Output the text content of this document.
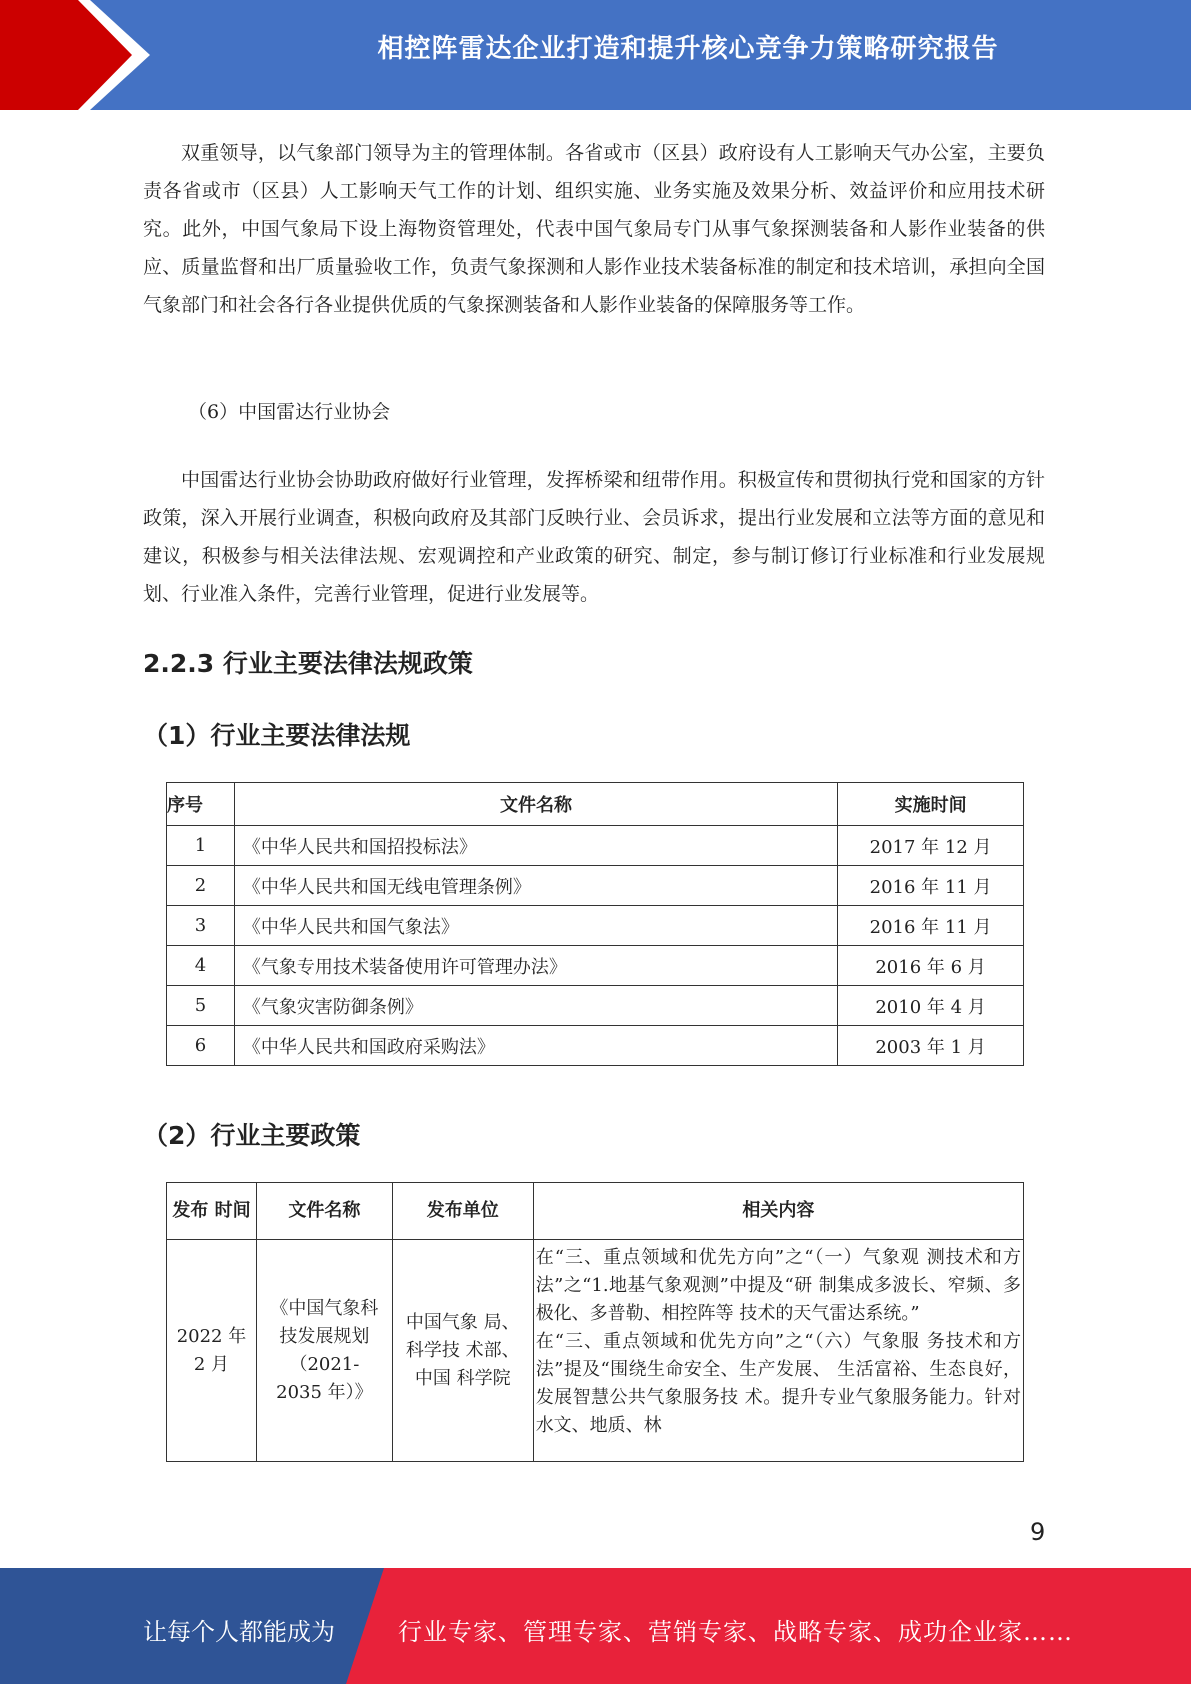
相控阵雷达企业打造和提升核心竞争力策略研究报告

双重领导，以气象部门领导为主的管理体制。各省或市（区县）政府设有人工影响天气办公室，主要负责各省或市（区县）人工影响天气工作的计划、组织实施、业务实施及效果分析、效益评价和应用技术研究。此外，中国气象局下设上海物资管理处，代表中国气象局专门从事气象探测装备和人影作业装备的供应、质量监督和出厂质量验收工作，负责气象探测和人影作业技术装备标准的制定和技术培训，承担向全国气象部门和社会各行各业提供优质的气象探测装备和人影作业装备的保障服务等工作。

（6）中国雷达行业协会

中国雷达行业协会协助政府做好行业管理，发挥桥梁和纽带作用。积极宣传和贯彻执行党和国家的方针政策，深入开展行业调查，积极向政府及其部门反映行业、会员诉求，提出行业发展和立法等方面的意见和建议，积极参与相关法律法规、宏观调控和产业政策的研究、制定，参与制订修订行业标准和行业发展规划、行业准入条件，完善行业管理，促进行业发展等。

2.2.3 行业主要法律法规政策
（1）行业主要法律法规
序号	文件名称	实施时间
1	《中华人民共和国招投标法》	2017 年 12 月
2	《中华人民共和国无线电管理条例》	2016 年 11 月
3	《中华人民共和国气象法》	2016 年 11 月
4	《气象专用技术装备使用许可管理办法》	2016 年 6 月
5	《气象灾害防御条例》	2010 年 4 月
6	《中华人民共和国政府采购法》	2003 年 1 月
（2）行业主要政策
发布 时间	文件名称	发布单位	相关内容
2022 年 2 月	《中国气象科技发展规划（2021-2035 年）》	中国气象 局、科学技 术部、中国 科学院	在“三、重点领域和优先方向”之“（一）气象观 测技术和方法”之“1.地基气象观测”中提及“研 制集成多波长、窄频、多极化、多普勒、相控阵等 技术的天气雷达系统。”
在“三、重点领域和优先方向”之“（六）气象服 务技术和方法”提及“围绕生命安全、生产发展、 生活富裕、生态良好，发展智慧公共气象服务技 术。提升专业气象服务能力。针对水文、地质、林
9
让每个人都能成为	行业专家、管理专家、营销专家、战略专家、成功企业家……
